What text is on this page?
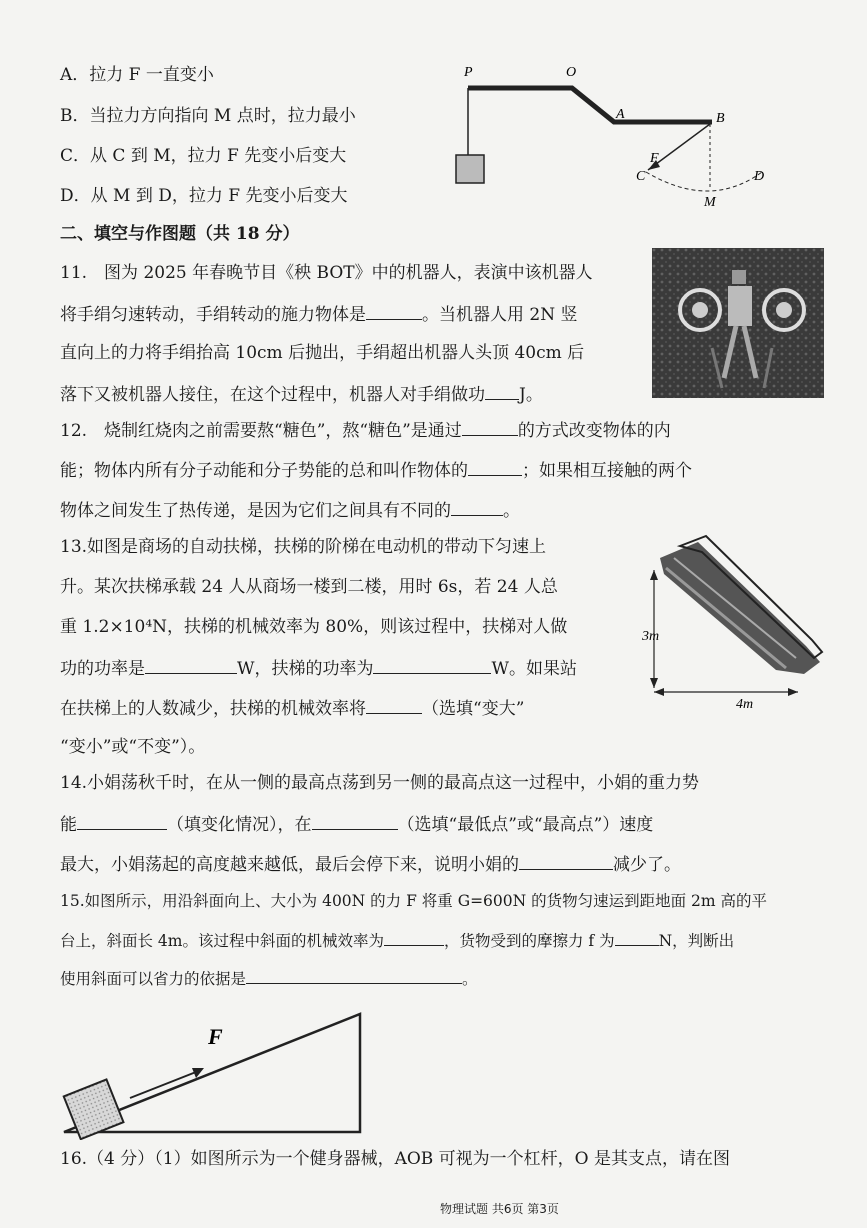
A．拉力 F 一直变小
B．当拉力方向指向 M 点时，拉力最小
C．从 C 到 M，拉力 F 先变小后变大
D．从 M 到 D，拉力 F 先变小后变大
P	O
A	B
F
C
M
D
二、填空与作图题（共 18 分）
11.　图为 2025 年春晚节目《秧 BOT》中的机器人，表演中该机器人
将手绢匀速转动，手绢转动的施力物体是	。当机器人用 2N 竖
直向上的力将手绢抬高 10cm 后抛出，手绢超出机器人头顶 40cm 后
落下又被机器人接住，在这个过程中，机器人对手绢做功 J。
12.　烧制红烧肉之前需要熬“糖色”，熬“糖色”是通过	的方式改变物体的内
能；物体内所有分子动能和分子势能的总和叫作物体的	；如果相互接触的两个
物体之间发生了热传递，是因为它们之间具有不同的	。
13.如图是商场的自动扶梯，扶梯的阶梯在电动机的带动下匀速上
升。某次扶梯承载 24 人从商场一楼到二楼，用时 6s，若 24 人总
重 1.2×10⁴N，扶梯的机械效率为 80%，则该过程中，扶梯对人做
功的功率是	W，扶梯的功率为	W。如果站
在扶梯上的人数减少，扶梯的机械效率将	（选填“变大”
“变小”或“不变”）。
3m
4m
14.小娟荡秋千时，在从一侧的最高点荡到另一侧的最高点这一过程中，小娟的重力势
能	（填变化情况），在	（选填“最低点”或“最高点”）速度
最大，小娟荡起的高度越来越低，最后会停下来，说明小娟的	减少了。
15.如图所示，用沿斜面向上、大小为 400N 的力 F 将重 G=600N 的货物匀速运到距地面 2m 高的平
台上，斜面长 4m。该过程中斜面的机械效率为	，货物受到的摩擦力 f 为	N，判断出
使用斜面可以省力的依据是	。
F
16.（4 分）（1）如图所示为一个健身器械，AOB 可视为一个杠杆，O 是其支点，请在图
物理试题 共6页 第3页
